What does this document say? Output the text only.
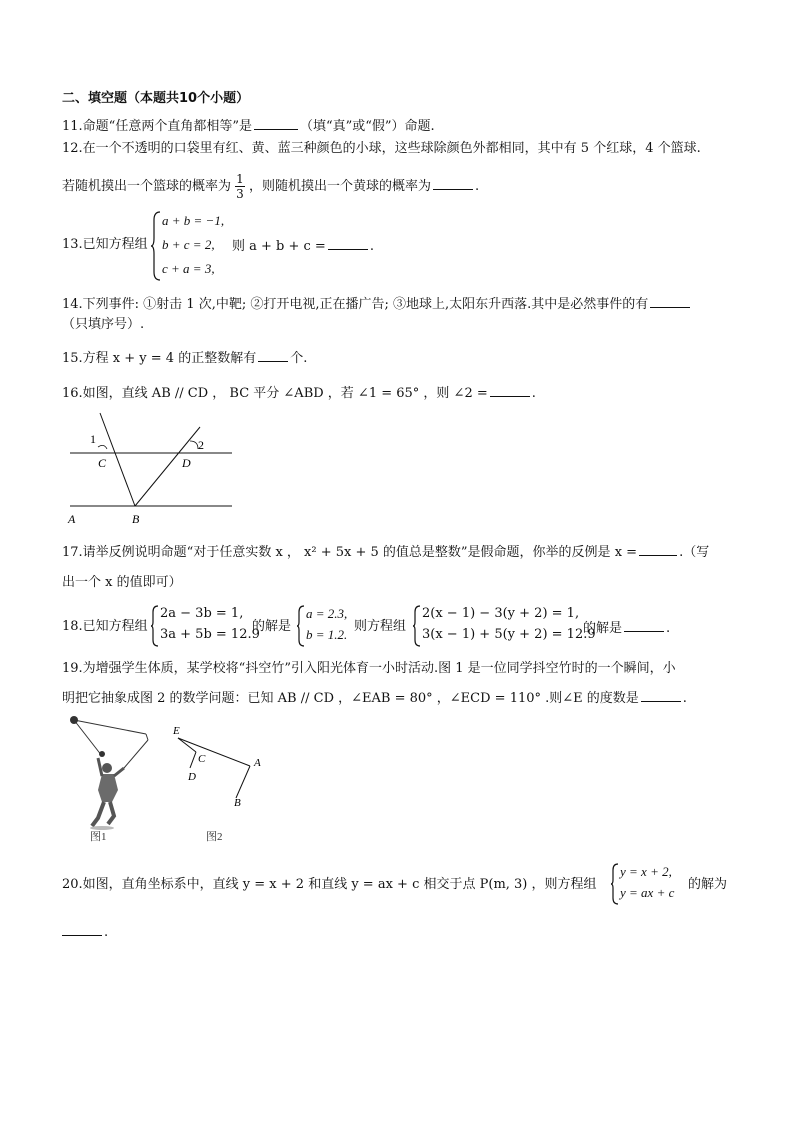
二、填空题（本题共10个小题）
11.命题“任意两个直角都相等”是	（填“真”或“假”）命题.
12.在一个不透明的口袋里有红、黄、蓝三种颜色的小球，这些球除颜色外都相同，其中有 5 个红球，4 个篮球.
若随机摸出一个篮球的概率为 $\frac{1}{3}$ ，则随机摸出一个黄球的概率为	.
13.已知方程组
a + b = −1,
b + c = 2,
c + a = 3,
则 a + b + c =	.
14.下列事件: ①射击 1 次,中靶; ②打开电视,正在播广告; ③地球上,太阳东升西落.其中是必然事件的有
（只填序号）.
15.方程 x + y = 4 的正整数解有	个.
16.如图，直线 AB // CD ， BC 平分 ∠ABD ，若 ∠1 = 65° ，则 ∠2 =	.
1	2
C	D
A	B
17.请举反例说明命题“对于任意实数 x ， x² + 5x + 5 的值总是整数”是假命题，你举的反例是 x =	.（写
出一个 x 的值即可）
18.已知方程组
2a − 3b = 1,
3a + 5b = 12.9
的解是
a = 2.3,
b = 1.2.
则方程组
2(x − 1) − 3(y + 2) = 1,
3(x − 1) + 5(y + 2) = 12.9
的解是	.
19.为增强学生体质，某学校将“抖空竹”引入阳光体育一小时活动.图 1 是一位同学抖空竹时的一个瞬间，小
明把它抽象成图 2 的数学问题：已知 AB // CD ，∠EAB = 80° ，∠ECD = 110° .则∠E 的度数是	.
图1
E
C
D
A
B
图2
20.如图，直角坐标系中，直线 y = x + 2 和直线 y = ax + c 相交于点 P(m, 3) ，则方程组
y = x + 2,
y = ax + c
的解为
.
